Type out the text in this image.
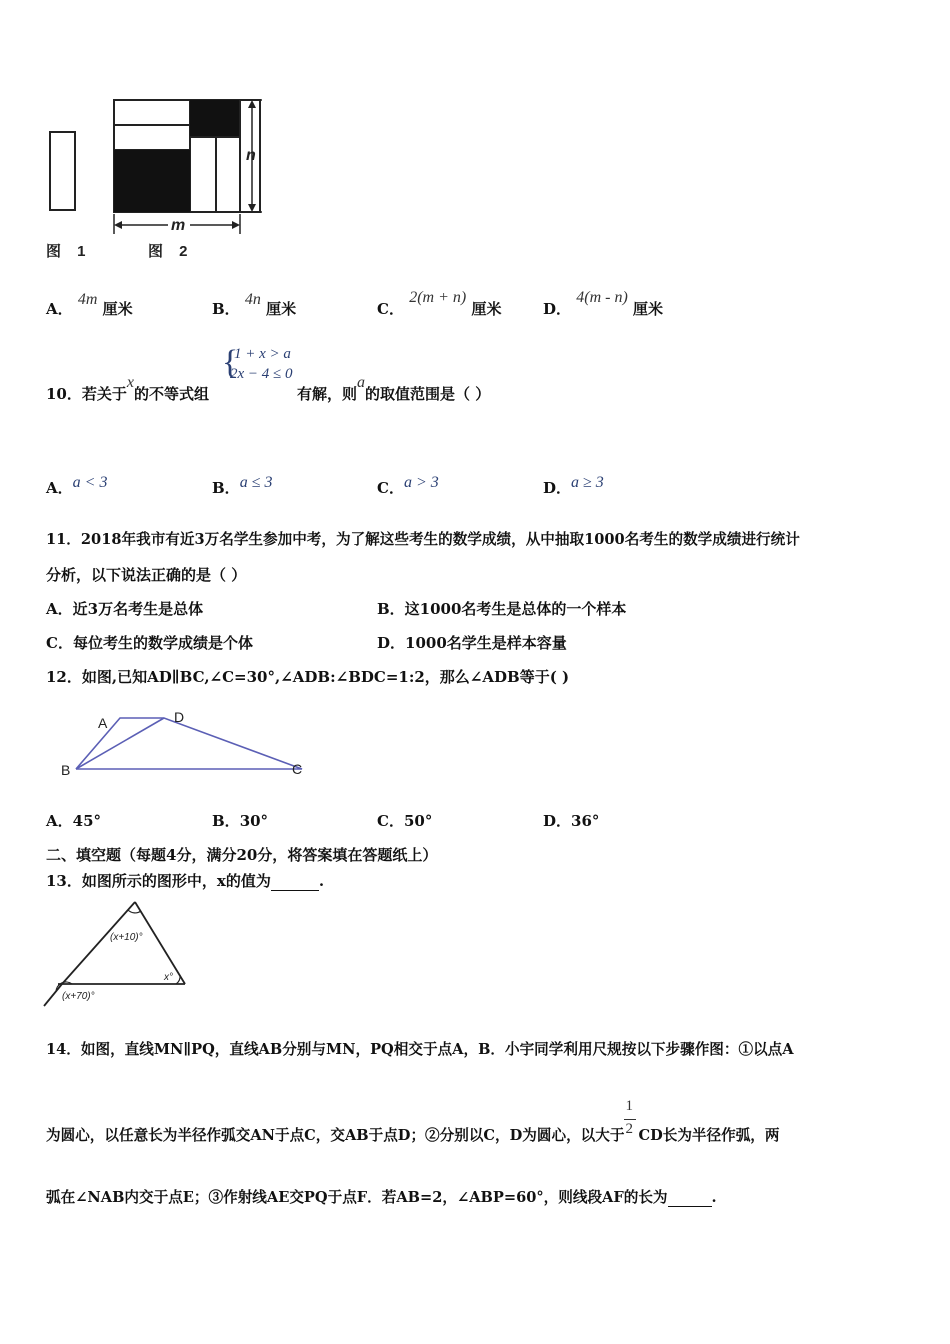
n
m
图 1	图 2
A． 4m 厘米	B． 4n 厘米	C． 2(m + n) 厘米	D． 4(m - n) 厘米
10．若关于x的不等式组	有解，则a的取值范围是（ ）
{
1 + x > a
2x − 4 ≤ 0
A．a < 3	B．a ≤ 3	C．a > 3	D．a ≥ 3
11．2018年我市有近3万名学生参加中考，为了解这些考生的数学成绩，从中抽取1000名考生的数学成绩进行统计
分析，以下说法正确的是（ ）
A．近3万名考生是总体	B．这1000名考生是总体的一个样本
C．每位考生的数学成绩是个体	D．1000名学生是样本容量
12．如图,已知AD∥BC,∠C=30°,∠ADB:∠BDC=1:2，那么∠ADB等于( )
A	D
B	C
A．45°	B．30°	C．50°	D．36°
二、填空题（每题4分，满分20分，将答案填在答题纸上）
13．如图所示的图形中，x的值为	.
(x+10)°
x°
(x+70)°
14．如图，直线MN∥PQ，直线AB分别与MN，PQ相交于点A，B．小宇同学利用尺规按以下步骤作图：①以点A
为圆心，以任意长为半径作弧交AN于点C，交AB于点D；②分别以C，D为圆心，以大于 $\frac{1}{2}$ CD长为半径作弧，两
弧在∠NAB内交于点E；③作射线AE交PQ于点F．若AB=2，∠ABP=60°，则线段AF的长为	.
